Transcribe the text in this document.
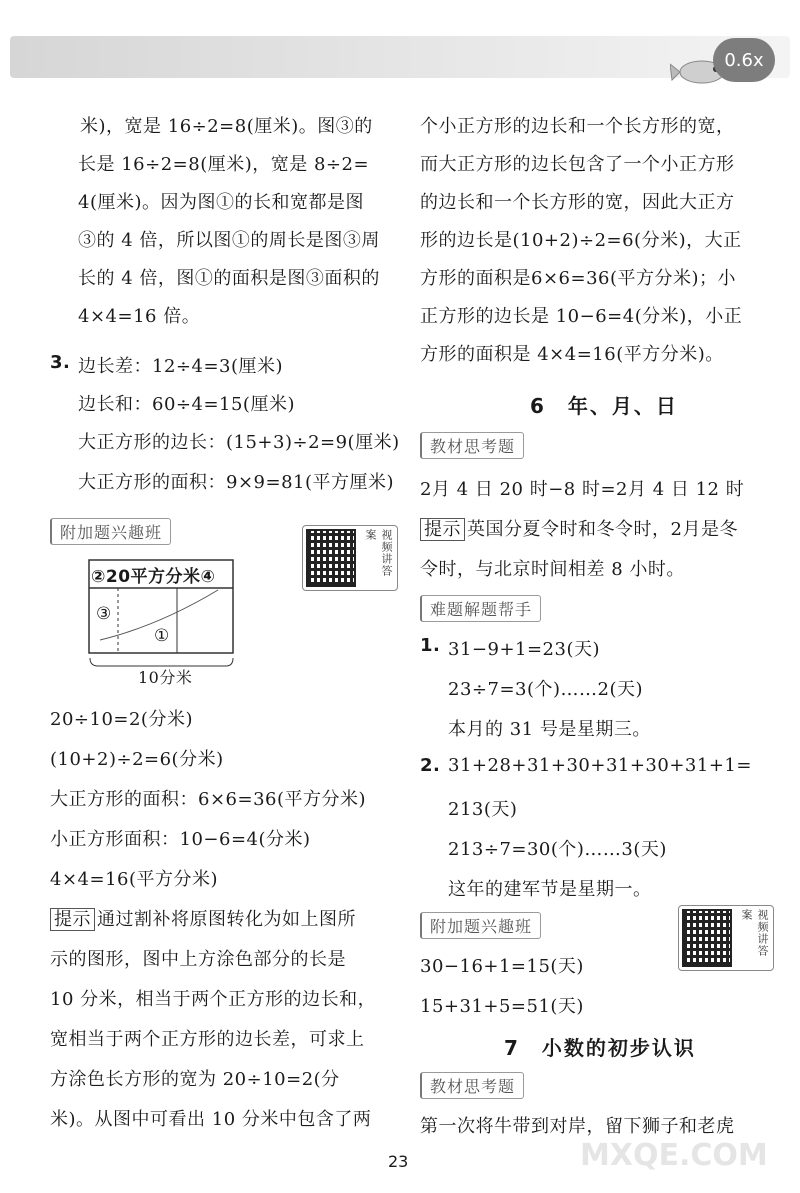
0.6x
米)，宽是 16÷2=8(厘米)。图③的
长是 16÷2=8(厘米)，宽是 8÷2=
4(厘米)。因为图①的长和宽都是图
③的 4 倍，所以图①的周长是图③周
长的 4 倍，图①的面积是图③面积的
4×4=16 倍。
3. 边长差：12÷4=3(厘米)
边长和：60÷4=15(厘米)
大正方形的边长：(15+3)÷2=9(厘米)
大正方形的面积：9×9=81(平方厘米)
附加题兴趣班	视频讲答案
②20平方分米④
③
①
10分米
20÷10=2(分米)
(10+2)÷2=6(分米)
大正方形的面积：6×6=36(平方分米)
小正方形面积：10−6=4(分米)
4×4=16(平方分米)
提示 通过割补将原图转化为如上图所
示的图形，图中上方涂色部分的长是
10 分米，相当于两个正方形的边长和，
宽相当于两个正方形的边长差，可求上
方涂色长方形的宽为 20÷10=2(分
米)。从图中可看出 10 分米中包含了两
个小正方形的边长和一个长方形的宽，
而大正方形的边长包含了一个小正方形
的边长和一个长方形的宽，因此大正方
形的边长是(10+2)÷2=6(分米)，大正
方形的面积是6×6=36(平方分米)；小
正方形的边长是 10−6=4(分米)，小正
方形的面积是 4×4=16(平方分米)。
6　年、月、日
教材思考题
2月 4 日 20 时−8 时=2月 4 日 12 时
提示 英国分夏令时和冬令时，2月是冬
令时，与北京时间相差 8 小时。
难题解题帮手
1. 31−9+1=23(天)
23÷7=3(个)……2(天)
本月的 31 号是星期三。
2. 31+28+31+30+31+30+31+1=
213(天)
213÷7=30(个)……3(天)
这年的建军节是星期一。
附加题兴趣班	视频讲答案
30−16+1=15(天)
15+31+5=51(天)
7　小数的初步认识
教材思考题
第一次将牛带到对岸，留下狮子和老虎
23	MXQE.COM
